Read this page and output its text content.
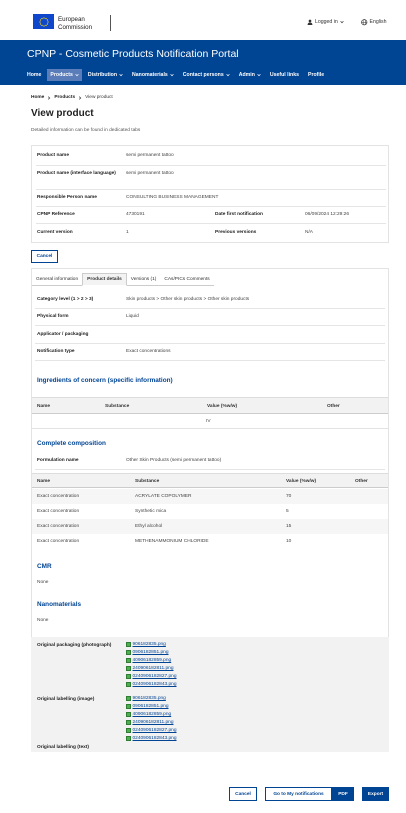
European
Commission
Logged in	English
CPNP - Cosmetic Products Notification Portal
Home Products	Distribution	Nanomaterials	Contact persons	Admin	Useful links Profile
Home Products View product
View product
Detailed information can be found in dedicated tabs
Product name	semi permanent tattoo
Product name (interface language)	semi permanent tattoo
Responsible Person name	CONSULTING BUSINESS MANAGEMENT
CPNP Reference	4730191	Date first notification	06/09/2024 12:29:26
Current version	1	Previous versions	N/A
Cancel
General information	Product details	Versions (1)	CAs/PICs Comments
Category level (1 > 2 > 3)	Skin products > Other skin products > Other skin products
Physical form	Liquid
Applicator / packaging
Notification type	Exact concentrations
Ingredients of concern (specific information)
Name	Substance	Value (%w/w)	Other
IV
Complete composition
Formulation name	Other Skin Products (semi permanent tattoo)
Name	Substance	Value (%w/w)	Other
Exact concentration	ACRYLATE COPOLYMER	70
Exact concentration	Synthetic mica	5
Exact concentration	Ethyl alcohol	15
Exact concentration	METHENAMMONIUM CHLORIDE	10
CMR
None
Nanomaterials
None
Original packaging (photograph)	906182835.png
0906182851.png
40906182859.png
240906182811.png
0240906182827.png
0240906182843.png
Original labelling (image)	906182835.png
0906182851.png
40906182859.png
240906182811.png
0240906182827.png
0240906182843.png
Original labelling (text)
Cancel	Go to My notifications	PDF	Export
